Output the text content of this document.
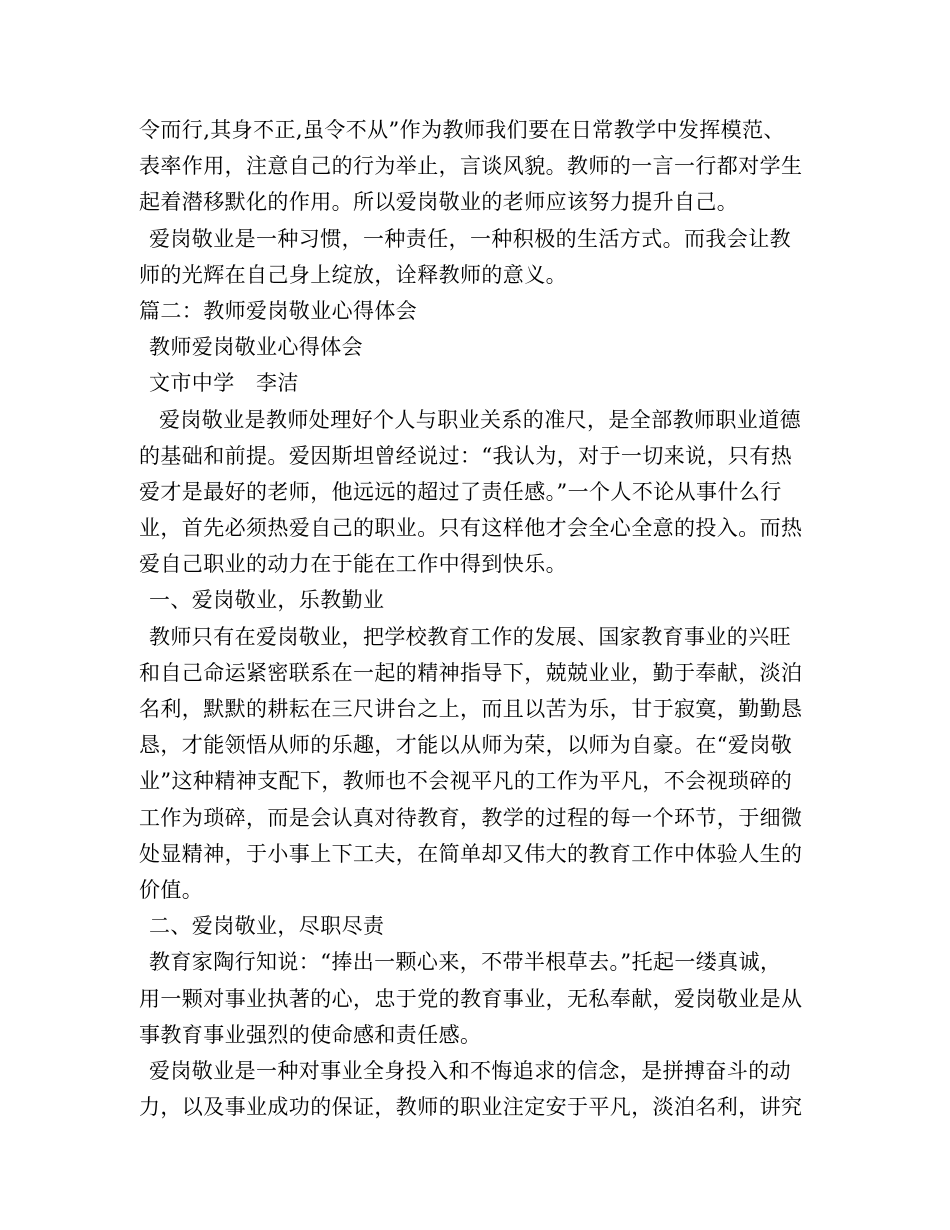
令而行,其身不正,虽令不从”作为教师我们要在日常教学中发挥模范、
表率作用，注意自己的行为举止，言谈风貌。教师的一言一行都对学生
起着潜移默化的作用。所以爱岗敬业的老师应该努力提升自己。
爱岗敬业是一种习惯，一种责任，一种积极的生活方式。而我会让教
师的光辉在自己身上绽放，诠释教师的意义。
篇二：教师爱岗敬业心得体会
教师爱岗敬业心得体会
文市中学　李洁
爱岗敬业是教师处理好个人与职业关系的准尺，是全部教师职业道德
的基础和前提。爱因斯坦曾经说过：“我认为，对于一切来说，只有热
爱才是最好的老师，他远远的超过了责任感。”一个人不论从事什么行
业，首先必须热爱自己的职业。只有这样他才会全心全意的投入。而热
爱自己职业的动力在于能在工作中得到快乐。
一、爱岗敬业，乐教勤业
教师只有在爱岗敬业，把学校教育工作的发展、国家教育事业的兴旺
和自己命运紧密联系在一起的精神指导下，兢兢业业，勤于奉献，淡泊
名利，默默的耕耘在三尺讲台之上，而且以苦为乐，甘于寂寞，勤勤恳
恳，才能领悟从师的乐趣，才能以从师为荣，以师为自豪。在“爱岗敬
业”这种精神支配下，教师也不会视平凡的工作为平凡，不会视琐碎的
工作为琐碎，而是会认真对待教育，教学的过程的每一个环节，于细微
处显精神，于小事上下工夫，在简单却又伟大的教育工作中体验人生的
价值。
二、爱岗敬业，尽职尽责
教育家陶行知说：“捧出一颗心来，不带半根草去。”托起一缕真诚，
用一颗对事业执著的心，忠于党的教育事业，无私奉献，爱岗敬业是从
事教育事业强烈的使命感和责任感。
爱岗敬业是一种对事业全身投入和不悔追求的信念，是拼搏奋斗的动
力，以及事业成功的保证，教师的职业注定安于平凡，淡泊名利，讲究
